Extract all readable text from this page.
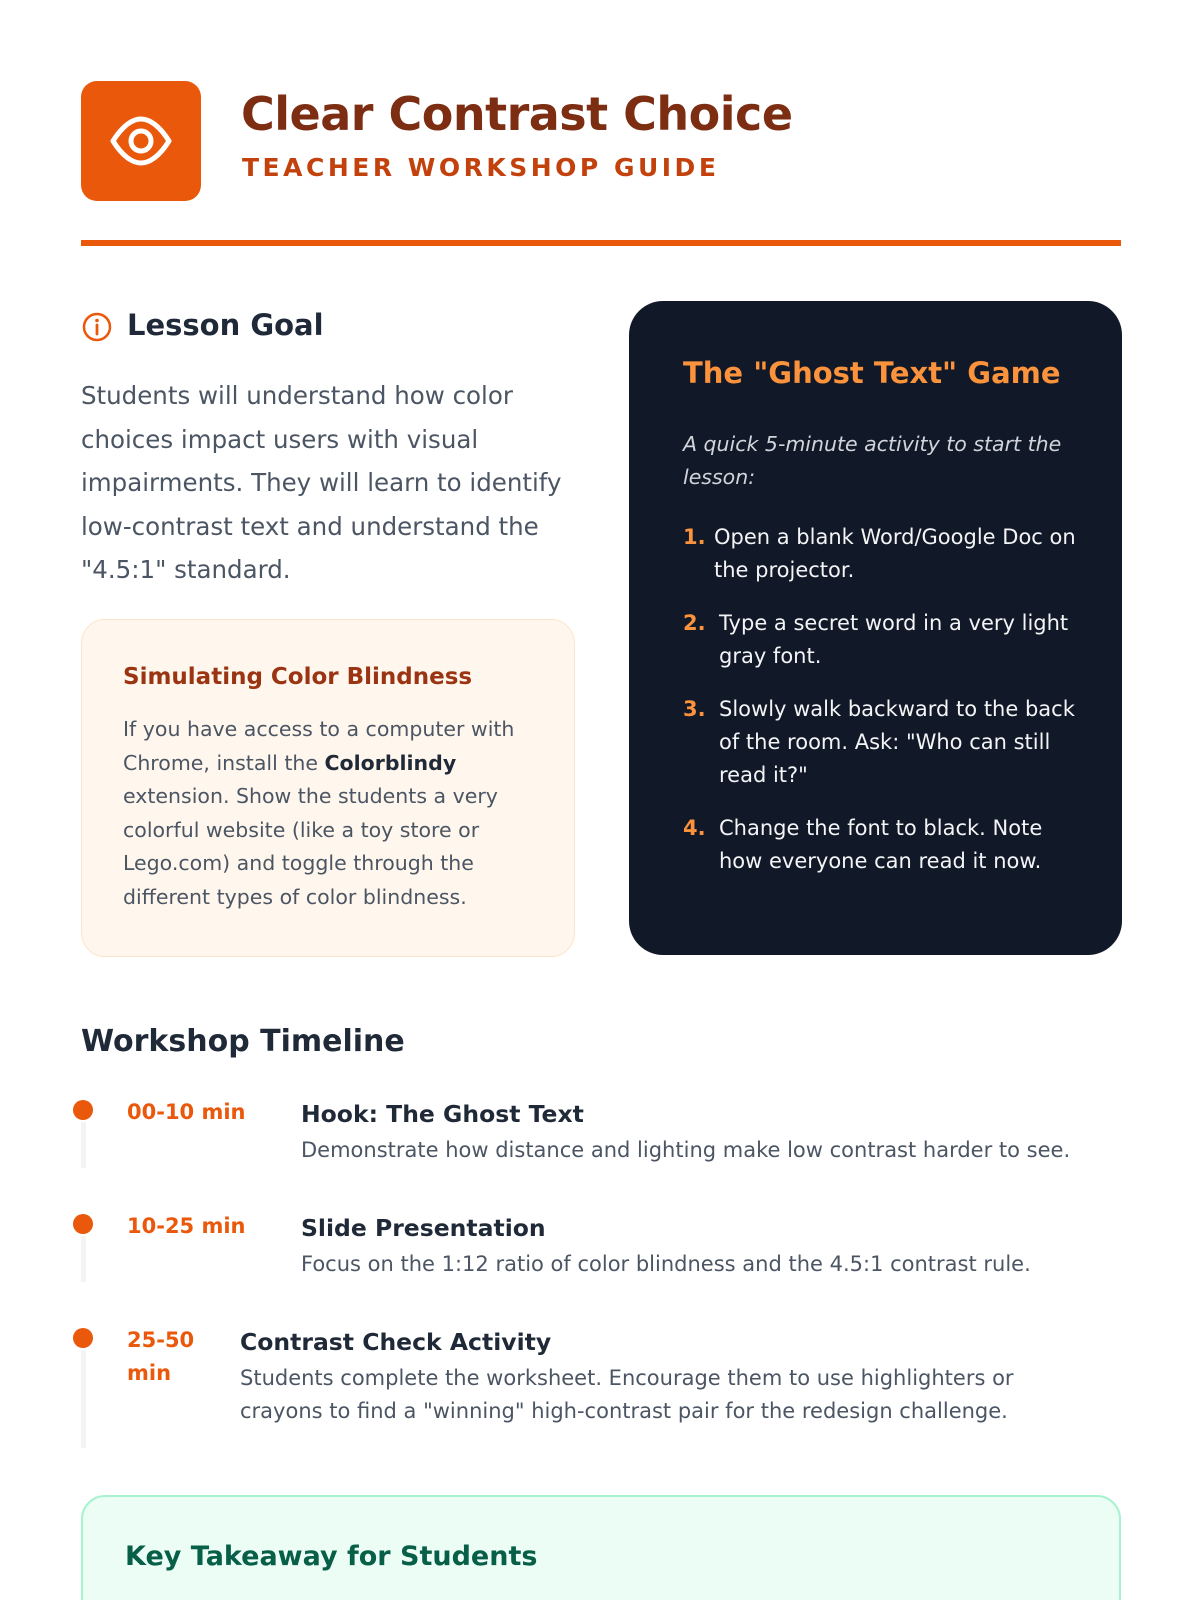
Clear Contrast Choice
TEACHER WORKSHOP GUIDE
Lesson Goal

Students will understand how color choices impact users with visual impairments. They will learn to identify low-contrast text and understand the "4.5:1" standard.

Simulating Color Blindness

If you have access to a computer with Chrome, install the Colorblindy extension. Show the students a very colorful website (like a toy store or Lego.com) and toggle through the different types of color blindness.

The "Ghost Text" Game

A quick 5-minute activity to start the lesson:

1. Open a blank Word/Google Doc on the projector.
2. Type a secret word in a very light gray font.
3. Slowly walk backward to the back of the room. Ask: "Who can still read it?"
4. Change the font to black. Note how everyone can read it now.
Workshop Timeline
00-10 min	Hook: The Ghost Text
Demonstrate how distance and lighting make low contrast harder to see.
10-25 min	Slide Presentation
Focus on the 1:12 ratio of color blindness and the 4.5:1 contrast rule.
25-50 min
Contrast Check Activity
Students complete the worksheet. Encourage them to use highlighters or crayons to find a "winning" high-contrast pair for the redesign challenge.
Key Takeaway for Students
